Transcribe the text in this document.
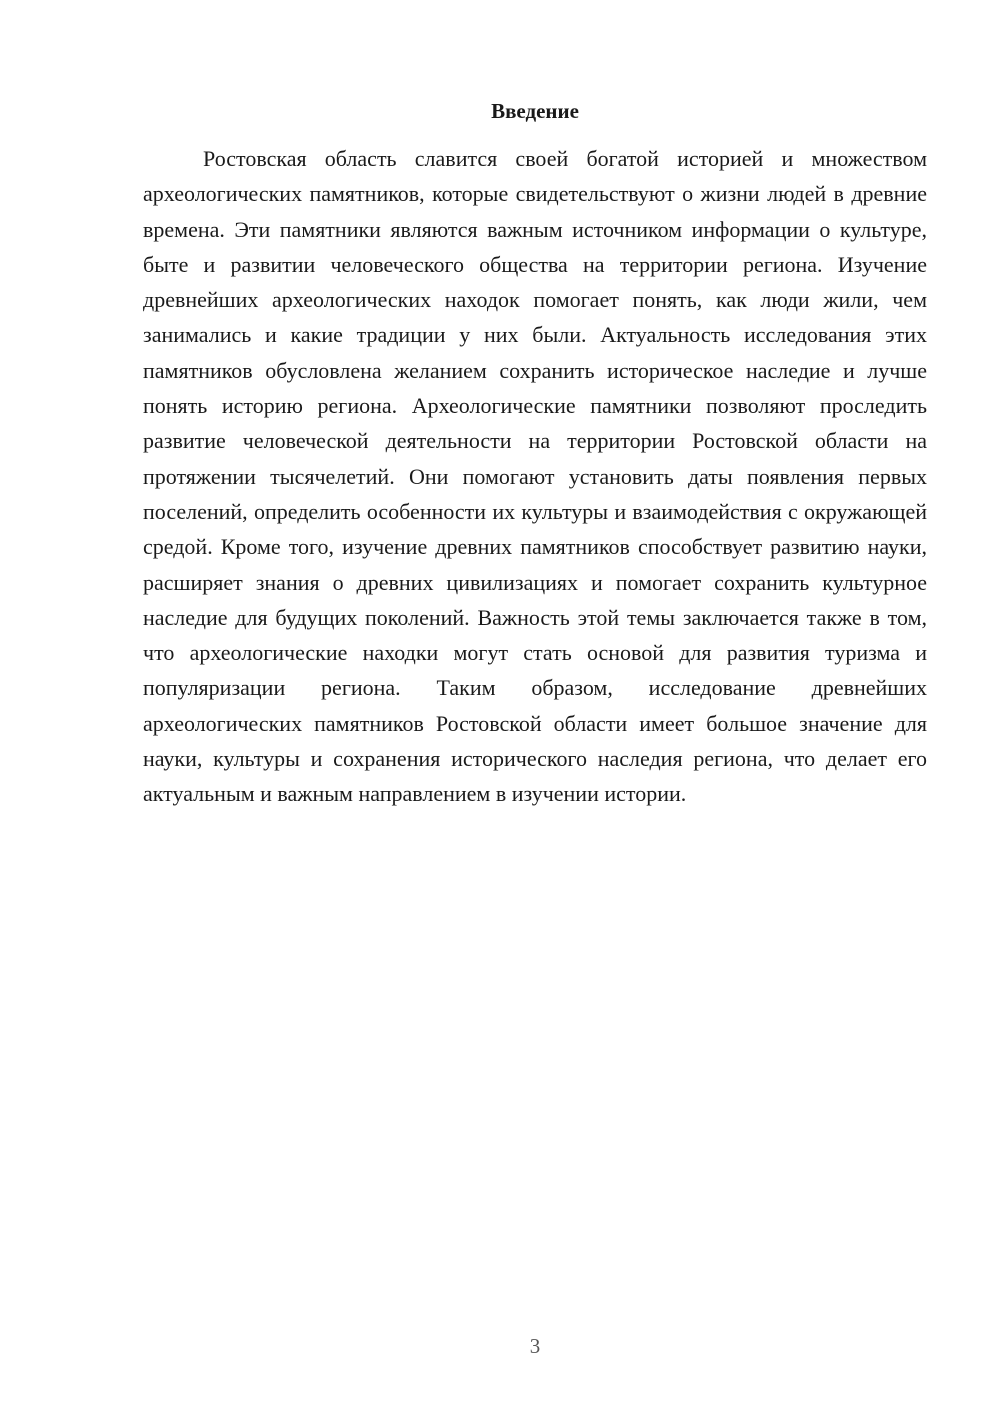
Введение

Ростовская область славится своей богатой историей и множеством археологических памятников, которые свидетельствуют о жизни людей в древние времена. Эти памятники являются важным источником информации о культуре, быте и развитии человеческого общества на территории региона. Изучение древнейших археологических находок помогает понять, как люди жили, чем занимались и какие традиции у них были. Актуальность исследования этих памятников обусловлена желанием сохранить историческое наследие и лучше понять историю региона. Археологические памятники позволяют проследить развитие человеческой деятельности на территории Ростовской области на протяжении тысячелетий. Они помогают установить даты появления первых поселений, определить особенности их культуры и взаимодействия с окружающей средой. Кроме того, изучение древних памятников способствует развитию науки, расширяет знания о древних цивилизациях и помогает сохранить культурное наследие для будущих поколений. Важность этой темы заключается также в том, что археологические находки могут стать основой для развития туризма и популяризации региона. Таким образом, исследование древнейших археологических памятников Ростовской области имеет большое значение для науки, культуры и сохранения исторического наследия региона, что делает его актуальным и важным направлением в изучении истории.

3
